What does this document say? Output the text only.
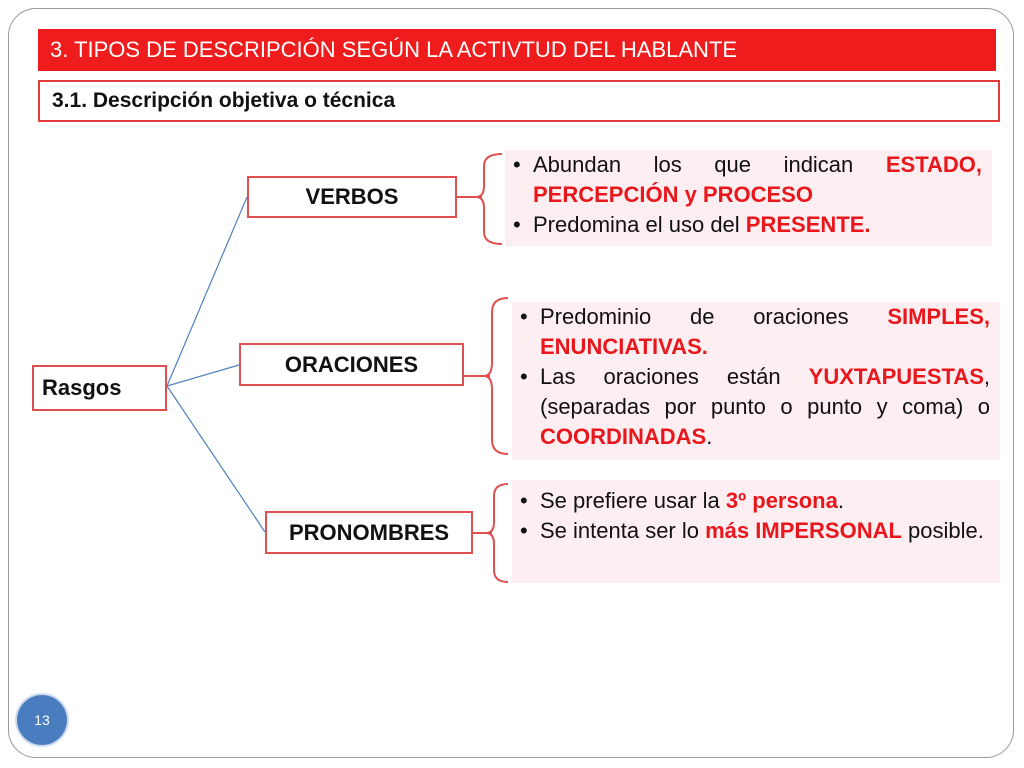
3. TIPOS DE DESCRIPCIÓN SEGÚN LA ACTIVTUD DEL HABLANTE
3.1. Descripción objetiva o técnica
Rasgos
VERBOS
ORACIONES
PRONOMBRES
• Abundan los que indican ESTADO, PERCEPCIÓN y PROCESO
• Predomina el uso del PRESENTE.
• Predominio de oraciones SIMPLES, ENUNCIATIVAS.
• Las oraciones están YUXTAPUESTAS, (separadas por punto o punto y coma) o COORDINADAS.
• Se prefiere usar la 3º persona.
• Se intenta ser lo más IMPERSONAL posible.
13
